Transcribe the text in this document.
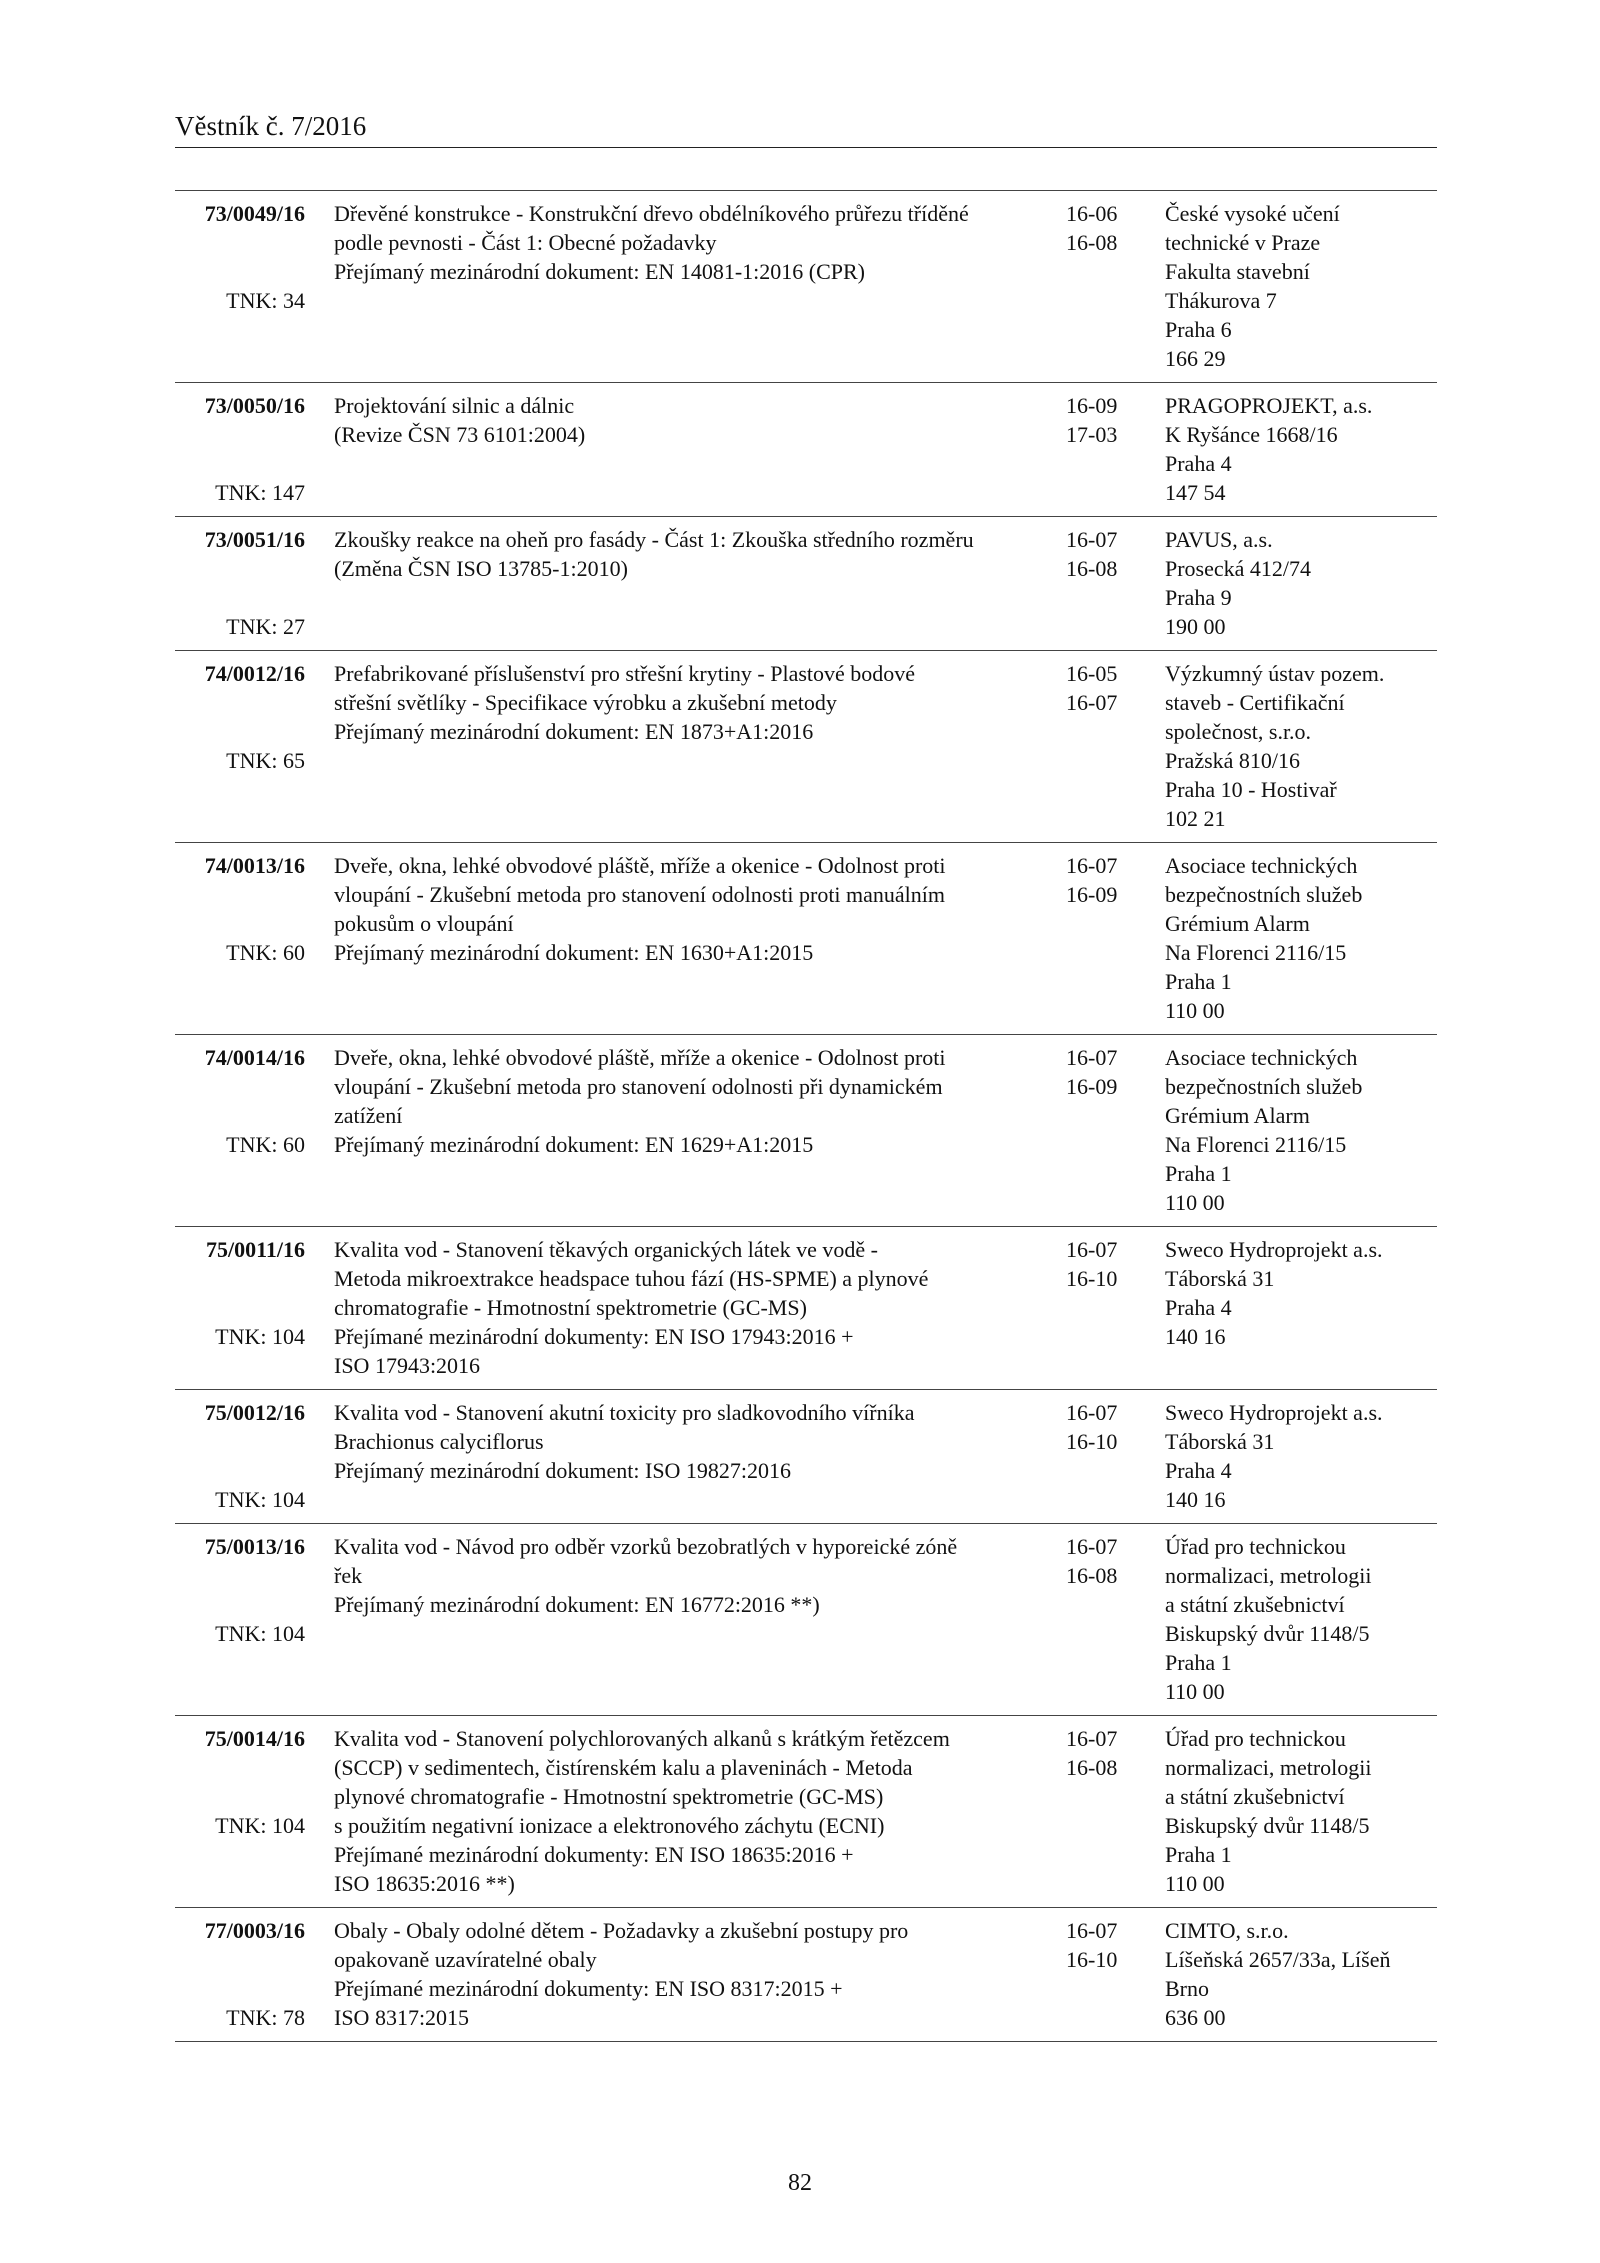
Věstník č. 7/2016
73/0049/16
TNK: 34
Dřevěné konstrukce - Konstrukční dřevo obdélníkového průřezu tříděné
podle pevnosti - Část 1: Obecné požadavky
Přejímaný mezinárodní dokument: EN 14081-1:2016 (CPR)
16-06
16-08
České vysoké učení
technické v Praze
Fakulta stavební
Thákurova 7
Praha 6
166 29
73/0050/16
TNK: 147
Projektování silnic a dálnic
(Revize ČSN 73 6101:2004)
16-09
17-03
PRAGOPROJEKT, a.s.
K Ryšánce 1668/16
Praha 4
147 54
73/0051/16
TNK: 27
Zkoušky reakce na oheň pro fasády - Část 1: Zkouška středního rozměru
(Změna ČSN ISO 13785-1:2010)
16-07
16-08
PAVUS, a.s.
Prosecká 412/74
Praha 9
190 00
74/0012/16
TNK: 65
Prefabrikované příslušenství pro střešní krytiny - Plastové bodové
střešní světlíky - Specifikace výrobku a zkušební metody
Přejímaný mezinárodní dokument: EN 1873+A1:2016
16-05
16-07
Výzkumný ústav pozem.
staveb - Certifikační
společnost, s.r.o.
Pražská 810/16
Praha 10 - Hostivař
102 21
74/0013/16
TNK: 60
Dveře, okna, lehké obvodové pláště, mříže a okenice - Odolnost proti
vloupání - Zkušební metoda pro stanovení odolnosti proti manuálním
pokusům o vloupání
Přejímaný mezinárodní dokument: EN 1630+A1:2015
16-07
16-09
Asociace technických
bezpečnostních služeb
Grémium Alarm
Na Florenci 2116/15
Praha 1
110 00
74/0014/16
TNK: 60
Dveře, okna, lehké obvodové pláště, mříže a okenice - Odolnost proti
vloupání - Zkušební metoda pro stanovení odolnosti při dynamickém
zatížení
Přejímaný mezinárodní dokument: EN 1629+A1:2015
16-07
16-09
Asociace technických
bezpečnostních služeb
Grémium Alarm
Na Florenci 2116/15
Praha 1
110 00
75/0011/16
TNK: 104
Kvalita vod - Stanovení těkavých organických látek ve vodě -
Metoda mikroextrakce headspace tuhou fází (HS-SPME) a plynové
chromatografie - Hmotnostní spektrometrie (GC-MS)
Přejímané mezinárodní dokumenty: EN ISO 17943:2016 +
ISO 17943:2016
16-07
16-10
Sweco Hydroprojekt a.s.
Táborská 31
Praha 4
140 16
75/0012/16
TNK: 104
Kvalita vod - Stanovení akutní toxicity pro sladkovodního vířníka
Brachionus calyciflorus
Přejímaný mezinárodní dokument: ISO 19827:2016
16-07
16-10
Sweco Hydroprojekt a.s.
Táborská 31
Praha 4
140 16
75/0013/16
TNK: 104
Kvalita vod - Návod pro odběr vzorků bezobratlých v hyporeické zóně
řek
Přejímaný mezinárodní dokument: EN 16772:2016 **)
16-07
16-08
Úřad pro technickou
normalizaci, metrologii
a státní zkušebnictví
Biskupský dvůr 1148/5
Praha 1
110 00
75/0014/16
TNK: 104
Kvalita vod - Stanovení polychlorovaných alkanů s krátkým řetězcem
(SCCP) v sedimentech, čistírenském kalu a plaveninách - Metoda
plynové chromatografie - Hmotnostní spektrometrie (GC-MS)
s použitím negativní ionizace a elektronového záchytu (ECNI)
Přejímané mezinárodní dokumenty: EN ISO 18635:2016 +
ISO 18635:2016 **)
16-07
16-08
Úřad pro technickou
normalizaci, metrologii
a státní zkušebnictví
Biskupský dvůr 1148/5
Praha 1
110 00
77/0003/16
TNK: 78
Obaly - Obaly odolné dětem - Požadavky a zkušební postupy pro
opakovaně uzavíratelné obaly
Přejímané mezinárodní dokumenty: EN ISO 8317:2015 +
ISO 8317:2015
16-07
16-10
CIMTO, s.r.o.
Líšeňská 2657/33a, Líšeň
Brno
636 00
82
